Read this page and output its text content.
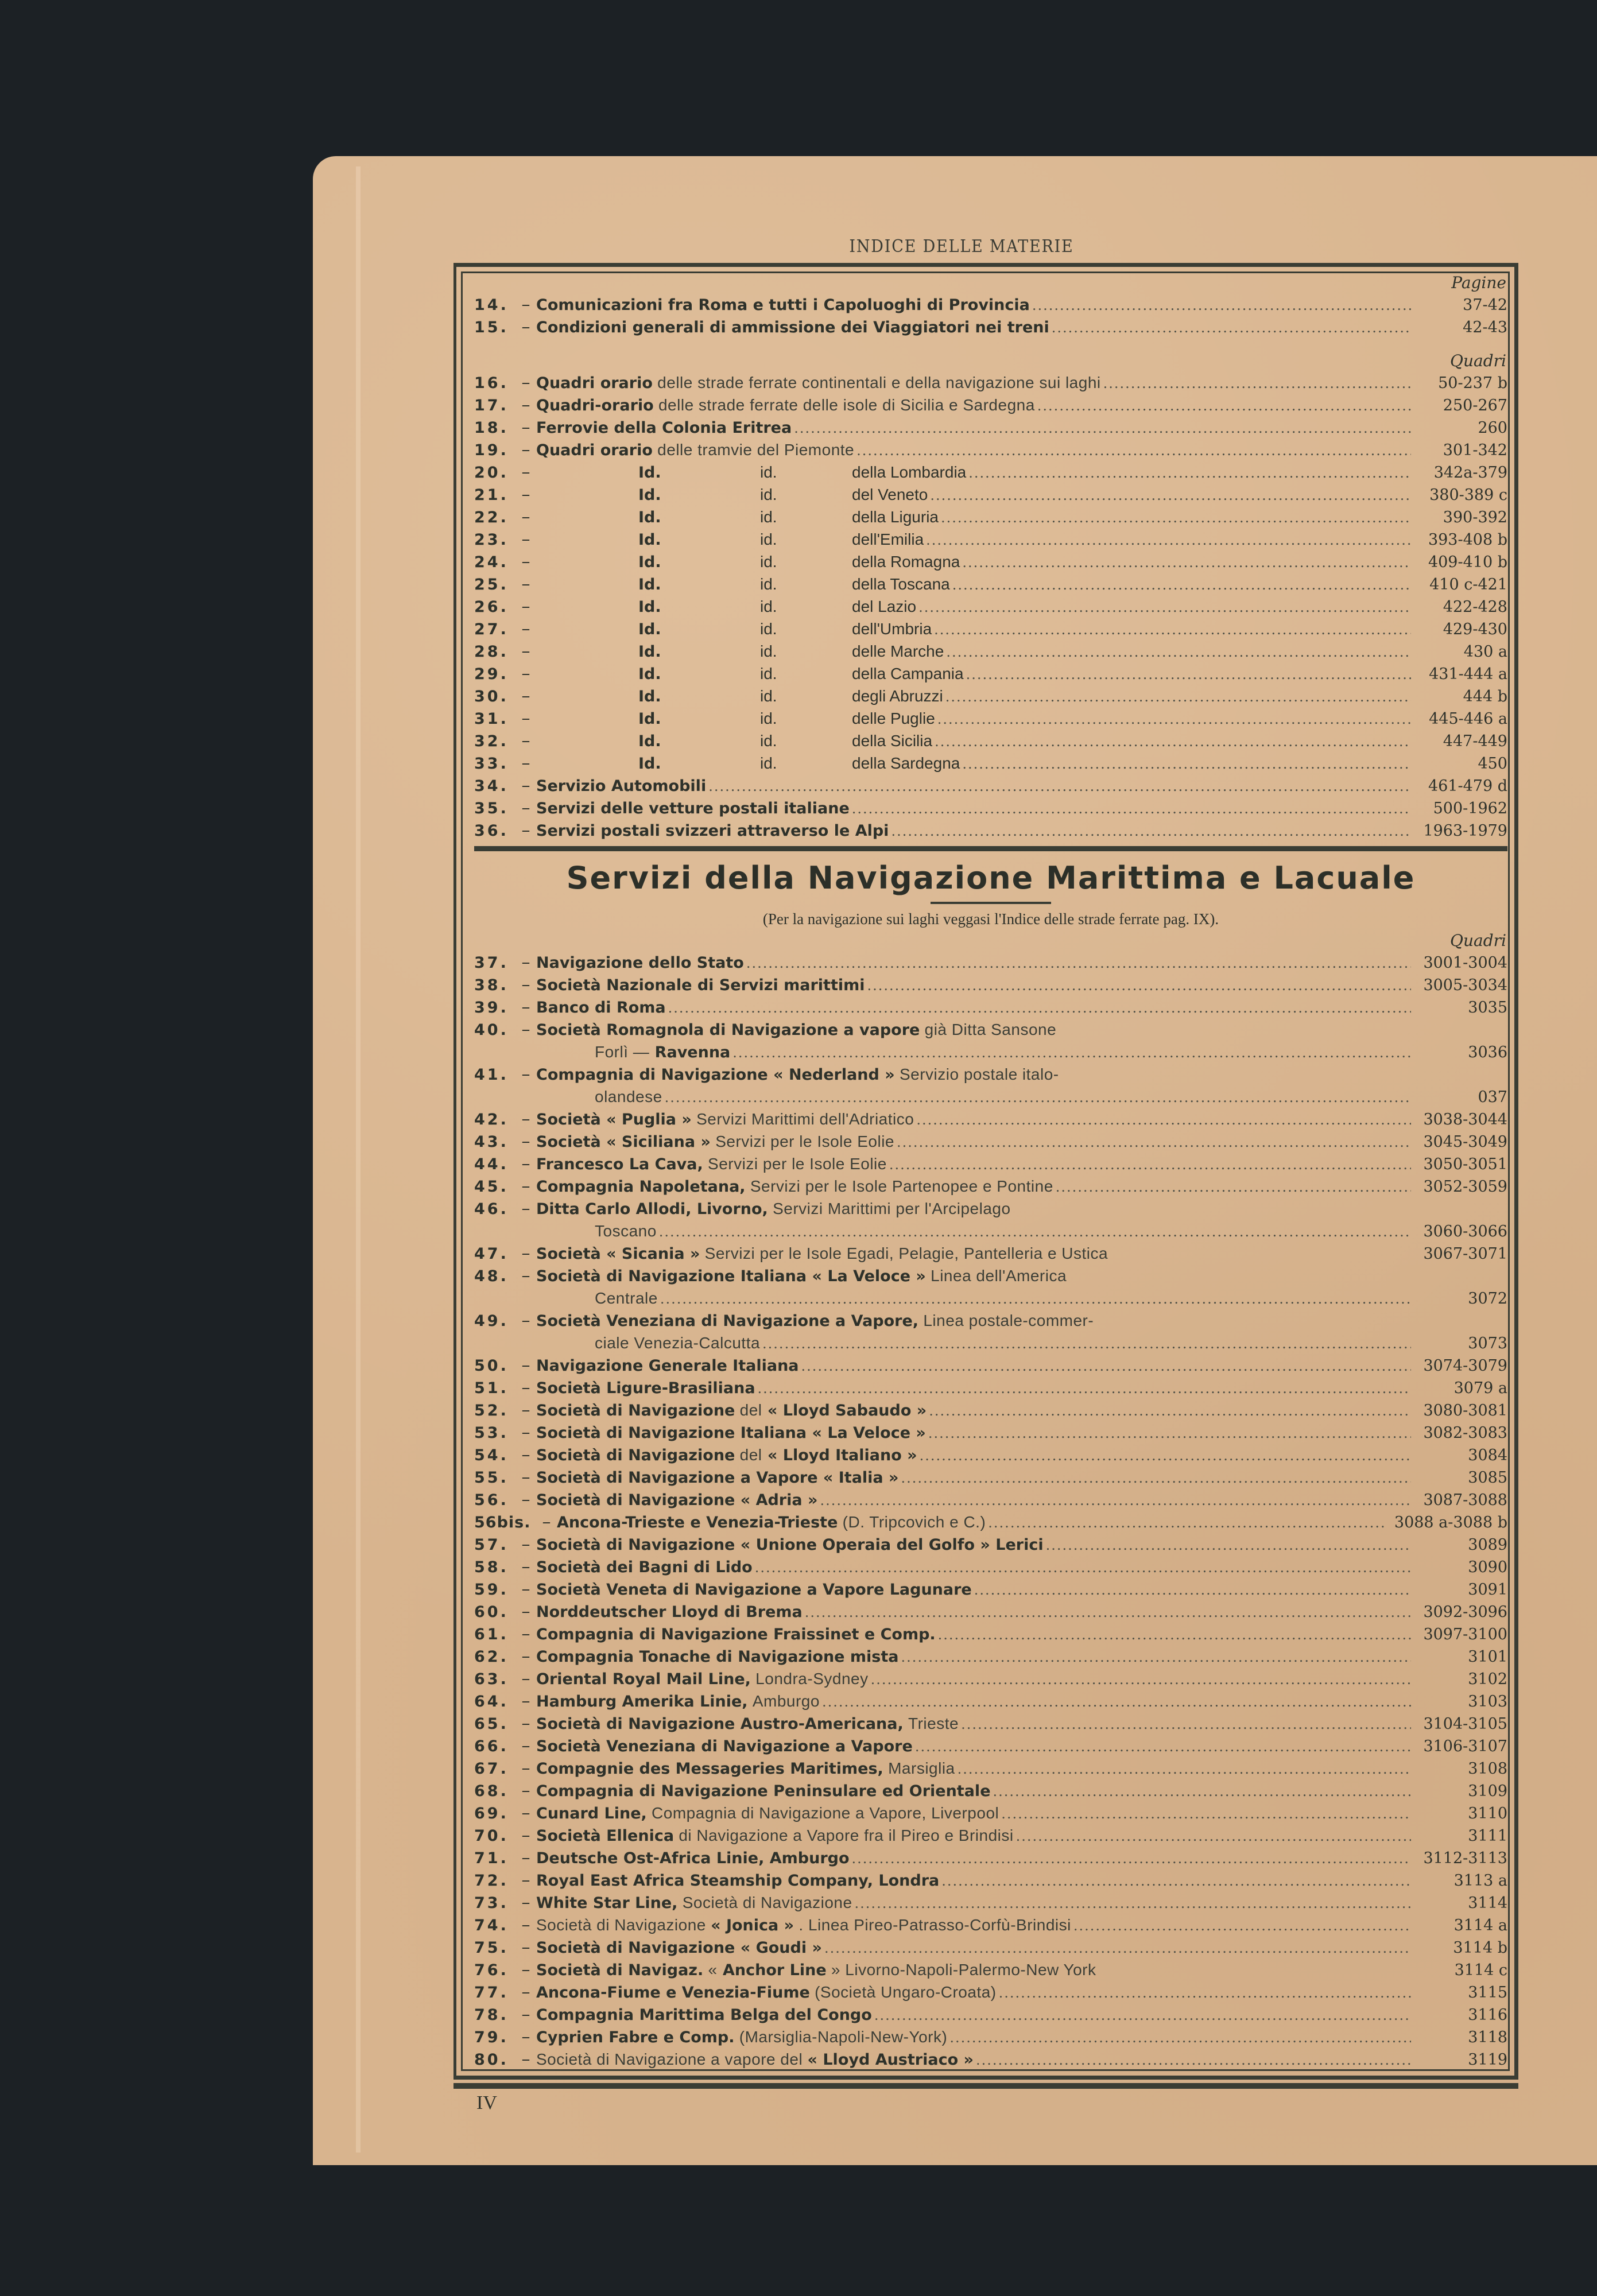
INDICE DELLE MATERIE
Pagine
14. – Comunicazioni fra Roma e tutti i Capoluoghi di Provincia .....	37-42
15. – Condizioni generali di ammissione dei Viaggiatori nei treni .....	42-43
Quadri
16. – Quadri orario delle strade ferrate continentali e della navigazione sui laghi .....	50-237 b
17. – Quadri-orario delle strade ferrate delle isole di Sicilia e Sardegna .....	250-267
18. – Ferrovie della Colonia Eritrea .....	260
19. – Quadri orario delle tramvie del Piemonte .....	301-342
20. –	Id.	id.	della Lombardia .....	342a-379
21. –	Id.	id.	del Veneto .....	380-389 c
22. –	Id.	id.	della Liguria .....	390-392
23. –	Id.	id.	dell'Emilia .....	393-408 b
24. –	Id.	id.	della Romagna .....	409-410 b
25. –	Id.	id.	della Toscana .....	410 c-421
26. –	Id.	id.	del Lazio .....	422-428
27. –	Id.	id.	dell'Umbria .....	429-430
28. –	Id.	id.	delle Marche .....	430 a
29. –	Id.	id.	della Campania .....	431-444 a
30. –	Id.	id.	degli Abruzzi .....	444 b
31. –	Id.	id.	delle Puglie .....	445-446 a
32. –	Id.	id.	della Sicilia .....	447-449
33. –	Id.	id.	della Sardegna .....	450
34. – Servizio Automobili .....	461-479 d
35. – Servizi delle vetture postali italiane .....	500-1962
36. – Servizi postali svizzeri attraverso le Alpi .....	1963-1979
Servizi della Navigazione Marittima e Lacuale
(Per la navigazione sui laghi veggasi l'Indice delle strade ferrate pag. IX).
Quadri
37. – Navigazione dello Stato .....	3001-3004
38. – Società Nazionale di Servizi marittimi .....	3005-3034
39. – Banco di Roma .....	3035
40. – Società Romagnola di Navigazione a vapore già Ditta Sansone
Forlì — Ravenna .....	3036
41. – Compagnia di Navigazione « Nederland » Servizio postale italo-
olandese .....	037
42. – Società « Puglia » Servizi Marittimi dell'Adriatico .....	3038-3044
43. – Società « Siciliana » Servizi per le Isole Eolie .....	3045-3049
44. – Francesco La Cava, Servizi per le Isole Eolie .....	3050-3051
45. – Compagnia Napoletana, Servizi per le Isole Partenopee e Pontine .....	3052-3059
46. – Ditta Carlo Allodi, Livorno, Servizi Marittimi per l'Arcipelago
Toscano .....	3060-3066
47. – Società « Sicania » Servizi per le Isole Egadi, Pelagie, Pantelleria e Ustica	3067-3071
48. – Società di Navigazione Italiana « La Veloce » Linea dell'America
Centrale .....	3072
49. – Società Veneziana di Navigazione a Vapore, Linea postale-commer-
ciale Venezia-Calcutta .....	3073
50. – Navigazione Generale Italiana .....	3074-3079
51. – Società Ligure-Brasiliana .....	3079 a
52. – Società di Navigazione del « Lloyd Sabaudo » .....	3080-3081
53. – Società di Navigazione Italiana « La Veloce » .....	3082-3083
54. – Società di Navigazione del « Lloyd Italiano » .....	3084
55. – Società di Navigazione a Vapore « Italia » .....	3085
56. – Società di Navigazione « Adria » .....	3087-3088
56bis. – Ancona-Trieste e Venezia-Trieste (D. Tripcovich e C.) .....	3088 a-3088 b
57. – Società di Navigazione « Unione Operaia del Golfo » Lerici .....	3089
58. – Società dei Bagni di Lido .....	3090
59. – Società Veneta di Navigazione a Vapore Lagunare .....	3091
60. – Norddeutscher Lloyd di Brema .....	3092-3096
61. – Compagnia di Navigazione Fraissinet e Comp. .....	3097-3100
62. – Compagnia Tonache di Navigazione mista .....	3101
63. – Oriental Royal Mail Line, Londra-Sydney .....	3102
64. – Hamburg Amerika Linie, Amburgo .....	3103
65. – Società di Navigazione Austro-Americana, Trieste .....	3104-3105
66. – Società Veneziana di Navigazione a Vapore .....	3106-3107
67. – Compagnie des Messageries Maritimes, Marsiglia .....	3108
68. – Compagnia di Navigazione Peninsulare ed Orientale .....	3109
69. – Cunard Line, Compagnia di Navigazione a Vapore, Liverpool .....	3110
70. – Società Ellenica di Navigazione a Vapore fra il Pireo e Brindisi .....	3111
71. – Deutsche Ost-Africa Linie, Amburgo .....	3112-3113
72. – Royal East Africa Steamship Company, Londra .....	3113 a
73. – White Star Line, Società di Navigazione .....	3114
74. – Società di Navigazione « Jonica » . Linea Pireo-Patrasso-Corfù-Brindisi .....	3114 a
75. – Società di Navigazione « Goudi » .....	3114 b
76. – Società di Navigaz. « Anchor Line » Livorno-Napoli-Palermo-New York	3114 c
77. – Ancona-Fiume e Venezia-Fiume (Società Ungaro-Croata) .....	3115
78. – Compagnia Marittima Belga del Congo .....	3116
79. – Cyprien Fabre e Comp. (Marsiglia-Napoli-New-York) .....	3118
80. – Società di Navigazione a vapore del « Lloyd Austriaco » .....	3119
IV
